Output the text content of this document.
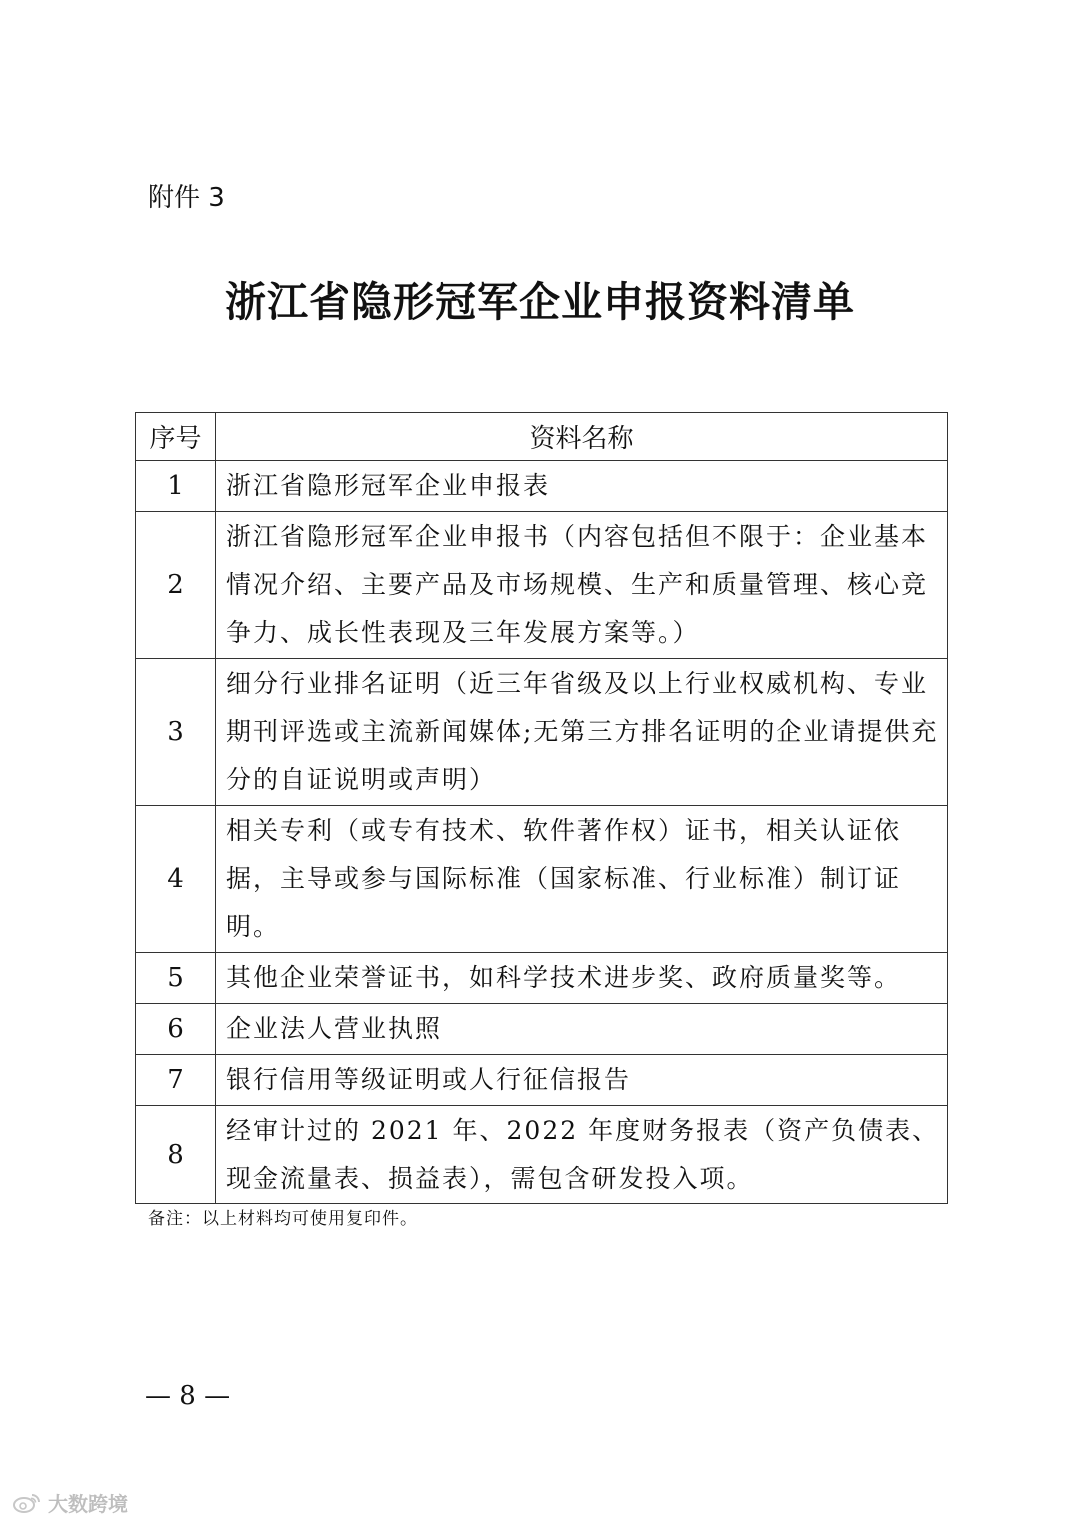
附件 3
浙江省隐形冠军企业申报资料清单
序号	资料名称
1	浙江省隐形冠军企业申报表
2	浙江省隐形冠军企业申报书（内容包括但不限于：企业基本情况介绍、主要产品及市场规模、生产和质量管理、核心竞争力、成长性表现及三年发展方案等。）
3	细分行业排名证明（近三年省级及以上行业权威机构、专业期刊评选或主流新闻媒体;无第三方排名证明的企业请提供充分的自证说明或声明）
4	相关专利（或专有技术、软件著作权）证书，相关认证依据，主导或参与国际标准（国家标准、行业标准）制订证明。
5	其他企业荣誉证书，如科学技术进步奖、政府质量奖等。
6	企业法人营业执照
7	银行信用等级证明或人行征信报告
8	经审计过的 2021 年、2022 年度财务报表（资产负债表、现金流量表、损益表），需包含研发投入项。
备注：以上材料均可使用复印件。
— 8 —
大数跨境
